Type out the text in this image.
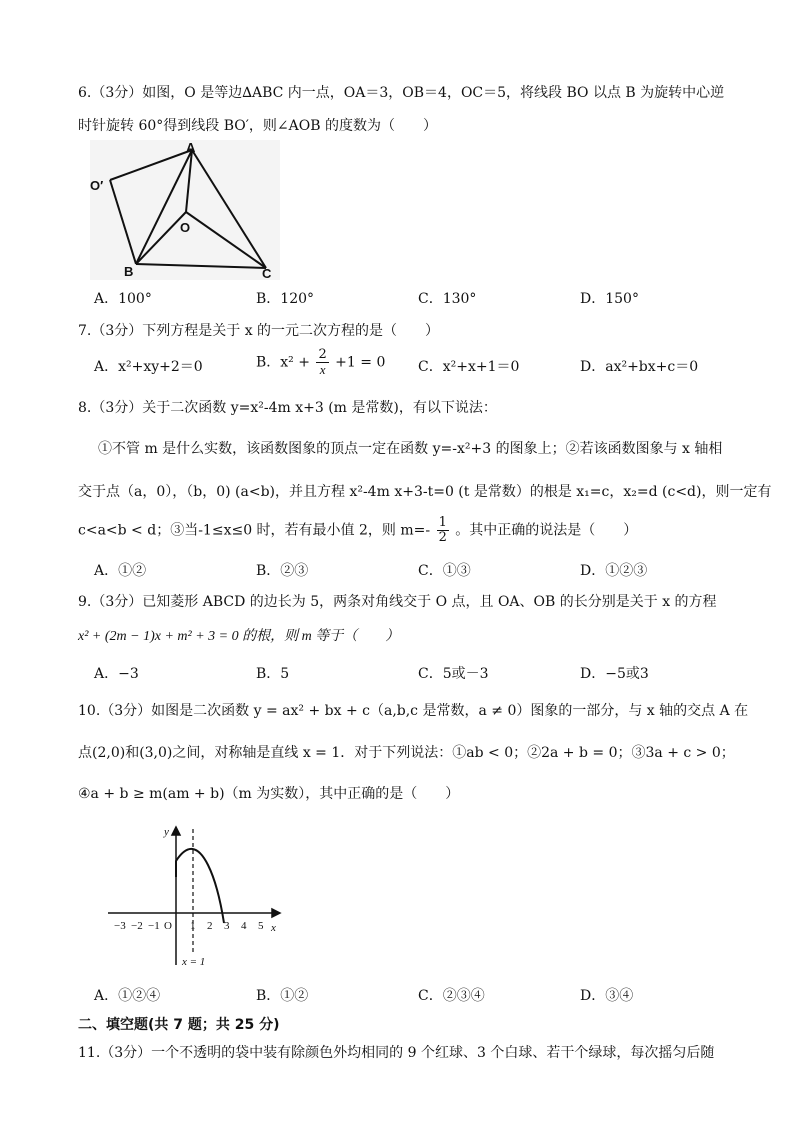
6.（3分）如图，O 是等边∆ABC 内一点，OA＝3，OB＝4，OC＝5，将线段 BO 以点 B 为旋转中心逆
时针旋转 60°得到线段 BO′，则∠AOB 的度数为（　　）
A
O′
O
B	C
A．100°	B．120°	C．130°	D．150°
7.（3分）下列方程是关于 x 的一元二次方程的是（　　）
A．x²+xy+2＝0	B．$x^2 + \frac{2}{x} +1 = 0$ C．x²+x+1＝0	D．ax²+bx+c＝0
8.（3分）关于二次函数 y=x²-4m x+3 (m 是常数)，有以下说法：
①不管 m 是什么实数，该函数图象的顶点一定在函数 y=-x²+3 的图象上；②若该函数图象与 x 轴相
交于点（a，0），（b，0) (a<b)，并且方程 x²-4m x+3-t=0 (t 是常数）的根是 x₁=c，x₂=d (c<d)，则一定有
c<a<b < d；③当-1≤x≤0 时，若有最小值 2，则 $m=- \frac{1}{2}$ 。其中正确的说法是（　　）
A．①②	B．②③	C．①③	D．①②③
9.（3分）已知菱形 ABCD 的边长为 5，两条对角线交于 O 点，且 OA、OB 的长分别是关于 x 的方程
x² + (2m − 1)x + m² + 3 = 0 的根，则 m 等于（　　）
A．−3	B．5	C．5或－3	D．−5或3
10.（3分）如图是二次函数 y = ax² + bx + c（a,b,c 是常数，a ≠ 0）图象的一部分，与 x 轴的交点 A 在
点(2,0)和(3,0)之间，对称轴是直线 x = 1．对于下列说法：①ab < 0；②2a + b = 0；③3a + c > 0；
④a + b ≥ m(am + b)（m 为实数），其中正确的是（　　）
y
x
−3 −2 −1 O 1 2 3 4 5
x = 1
A．①②④	B．①②	C．②③④	D．③④
二、填空题(共 7 题；共 25 分)
11.（3分）一个不透明的袋中装有除颜色外均相同的 9 个红球、3 个白球、若干个绿球，每次摇匀后随
